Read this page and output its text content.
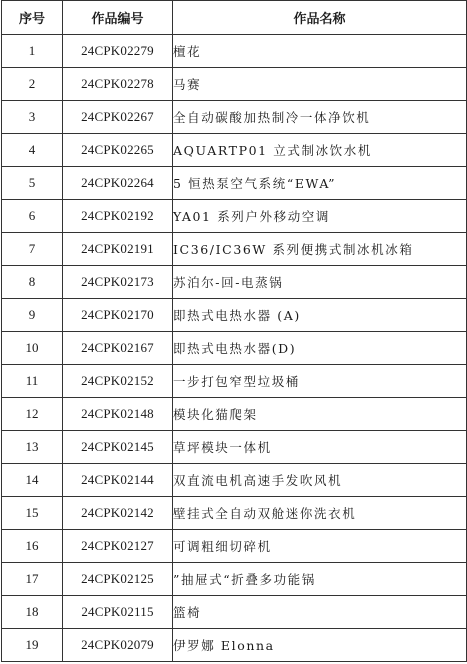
序号	作品编号	作品名称
1	24CPK02279	檀花
2	24CPK02278	马赛
3	24CPK02267	全自动碳酸加热制冷一体净饮机
4	24CPK02265	AQUARTP01 立式制冰饮水机
5	24CPK02264	5 恒热泵空气系统“EWA”
6	24CPK02192	YA01 系列户外移动空调
7	24CPK02191	IC36/IC36W 系列便携式制冰机冰箱
8	24CPK02173	苏泊尔-回-电蒸锅
9	24CPK02170	即热式电热水器 (A)
10	24CPK02167	即热式电热水器(D)
11	24CPK02152	一步打包窄型垃圾桶
12	24CPK02148	模块化猫爬架
13	24CPK02145	草坪模块一体机
14	24CPK02144	双直流电机高速手发吹风机
15	24CPK02142	壁挂式全自动双舱迷你洗衣机
16	24CPK02127	可调粗细切碎机
17	24CPK02125	”抽屉式“折叠多功能锅
18	24CPK02115	篮椅
19	24CPK02079	伊罗娜 Elonna
